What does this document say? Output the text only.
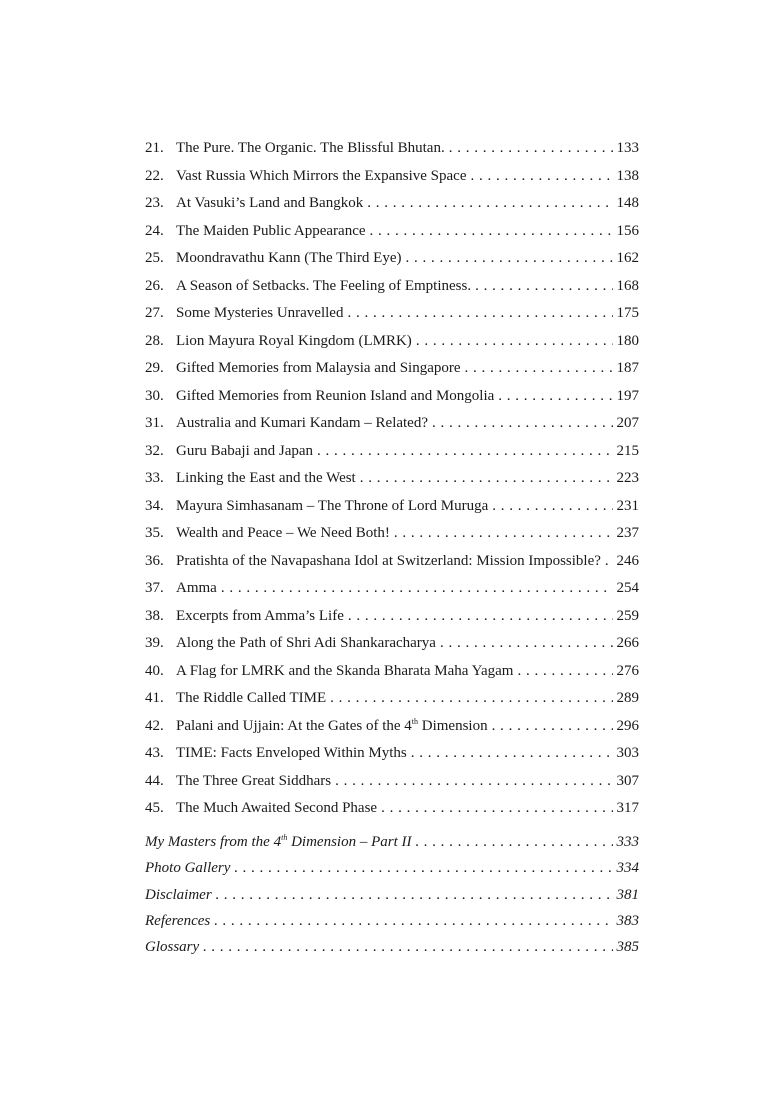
21. The Pure. The Organic. The Blissful Bhutan. . . .	133
22. Vast Russia Which Mirrors the Expansive Space . . .	138
23. At Vasuki’s Land and Bangkok . . .	148
24. The Maiden Public Appearance . . .	156
25. Moondravathu Kann (The Third Eye) . . .	162
26. A Season of Setbacks. The Feeling of Emptiness. . . .	168
27. Some Mysteries Unravelled . . .	175
28. Lion Mayura Royal Kingdom (LMRK) . . .	180
29. Gifted Memories from Malaysia and Singapore . . .	187
30. Gifted Memories from Reunion Island and Mongolia . . .	197
31. Australia and Kumari Kandam – Related? . . .	207
32. Guru Babaji and Japan . . .	215
33. Linking the East and the West . . .	223
34. Mayura Simhasanam – The Throne of Lord Muruga . . .	231
35. Wealth and Peace – We Need Both! . . .	237
36. Pratishta of the Navapashana Idol at Switzerland: Mission Impossible? . . . 246
37. Amma . . .	254
38. Excerpts from Amma’s Life . . .	259
39. Along the Path of Shri Adi Shankaracharya . . .	266
40. A Flag for LMRK and the Skanda Bharata Maha Yagam . . .	276
41. The Riddle Called TIME . . .	289
42. Palani and Ujjain: At the Gates of the 4th Dimension . . .	296
43. TIME: Facts Enveloped Within Myths . . .	303
44. The Three Great Siddhars . . .	307
45. The Much Awaited Second Phase . . .	317
My Masters from the 4th Dimension – Part II . . .	333
Photo Gallery . . .	334
Disclaimer . . .	381
References . . .	383
Glossary . . .	385
